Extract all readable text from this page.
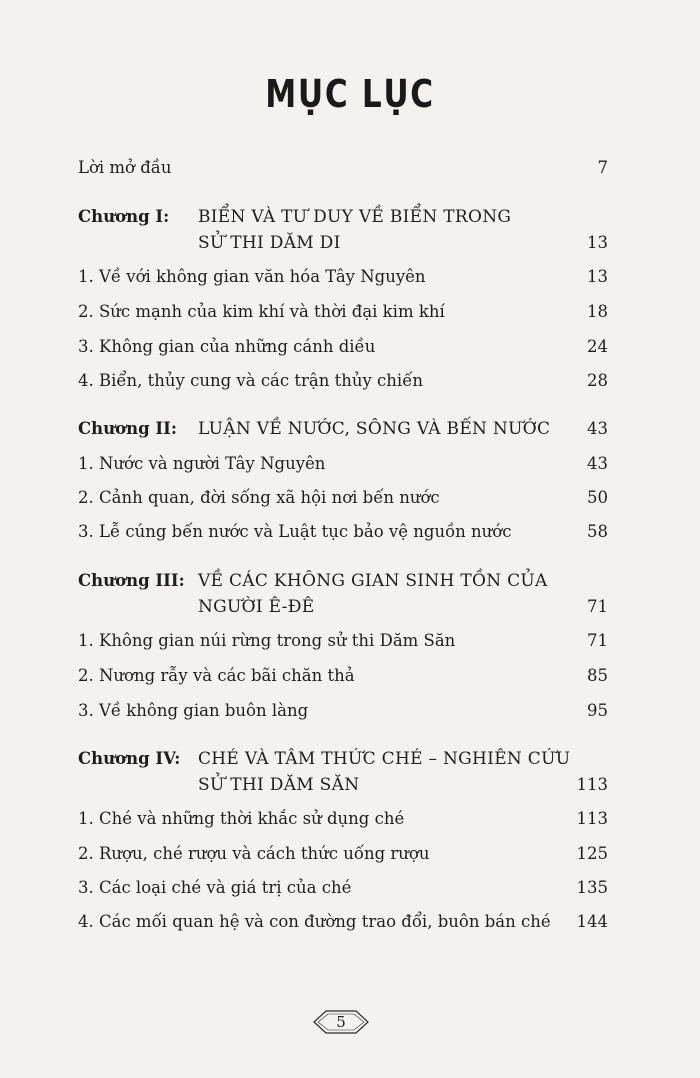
MỤC LỤC
Lời mở đầu	7
Chương I: BIỂN VÀ TƯ DUY VỀ BIỂN TRONG
SỬ THI DĂM DI	13
1. Về với không gian văn hóa Tây Nguyên	13
2. Sức mạnh của kim khí và thời đại kim khí	18
3. Không gian của những cánh diều	24
4. Biển, thủy cung và các trận thủy chiến	28
Chương II: LUẬN VỀ NƯỚC, SÔNG VÀ BẾN NƯỚC 43
1. Nước và người Tây Nguyên	43
2. Cảnh quan, đời sống xã hội nơi bến nước	50
3. Lễ cúng bến nước và Luật tục bảo vệ nguồn nước	58
Chương III: VỀ CÁC KHÔNG GIAN SINH TỒN CỦA
NGƯỜI Ê-ĐÊ	71
1. Không gian núi rừng trong sử thi Dăm Săn	71
2. Nương rẫy và các bãi chăn thả	85
3. Về không gian buôn làng	95
Chương IV: CHÉ VÀ TÂM THỨC CHÉ – NGHIÊN CỨU
SỬ THI DĂM SĂN	113
1. Ché và những thời khắc sử dụng ché	113
2. Rượu, ché rượu và cách thức uống rượu	125
3. Các loại ché và giá trị của ché	135
4. Các mối quan hệ và con đường trao đổi, buôn bán ché 144
5
